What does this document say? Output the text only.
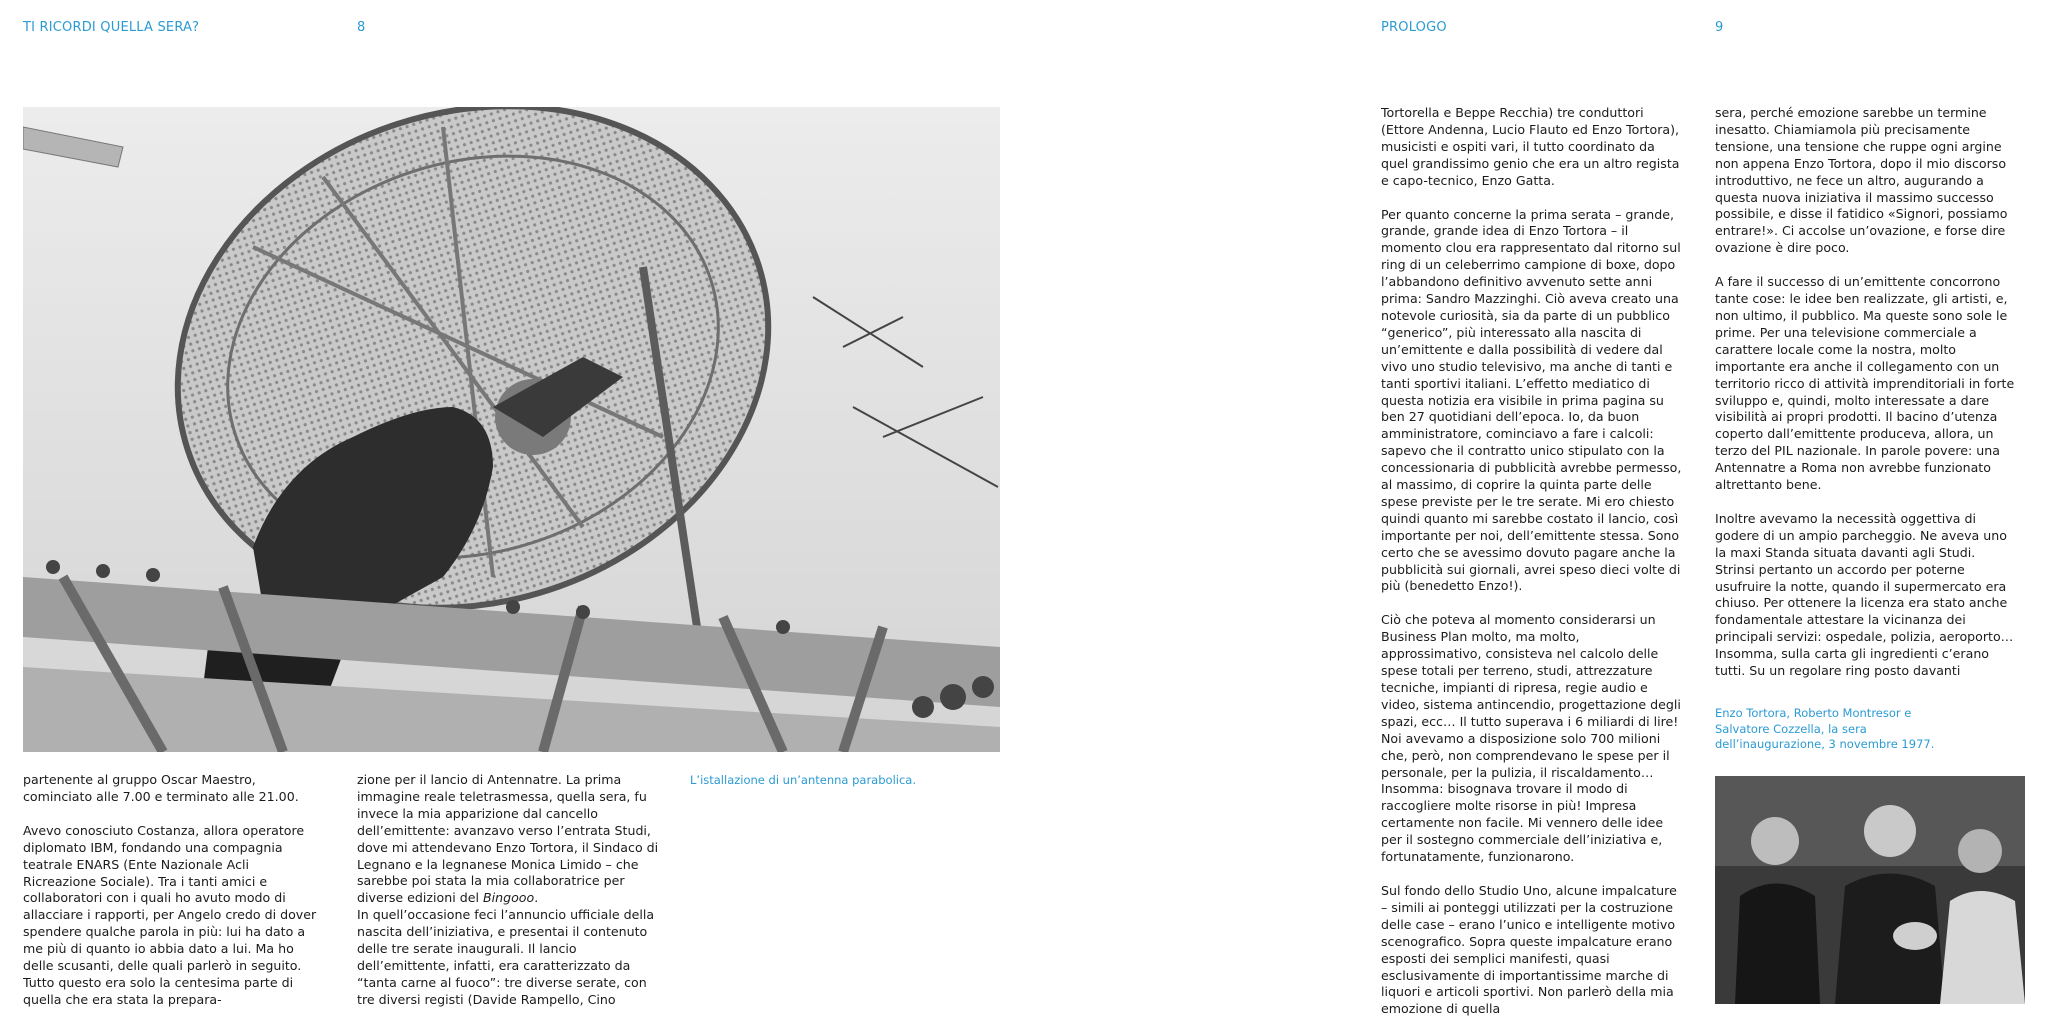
TI RICORDI QUELLA SERA?	8

partenente al gruppo Oscar Maestro, cominciato alle 7.00 e terminato alle 21.00.

Avevo conosciuto Costanza, allora operatore diplomato IBM, fondando una compagnia teatrale ENARS (Ente Nazionale Acli Ricreazione Sociale). Tra i tanti amici e collaboratori con i quali ho avuto modo di allacciare i rapporti, per Angelo credo di dover spendere qualche parola in più: lui ha dato a me più di quanto io abbia dato a lui. Ma ho delle scusanti, delle quali parlerò in seguito. Tutto questo era solo la centesima parte di quella che era stata la prepara-

zione per il lancio di Antennatre. La prima immagine reale teletrasmessa, quella sera, fu invece la mia apparizione dal cancello dell’emittente: avanzavo verso l’entrata Studi, dove mi attendevano Enzo Tortora, il Sindaco di Legnano e la legnanese Monica Limido – che sarebbe poi stata la mia collaboratrice per diverse edizioni del Bingooo.

In quell’occasione feci l’annuncio ufficiale della nascita dell’iniziativa, e presentai il contenuto delle tre serate inaugurali. Il lancio dell’emittente, infatti, era caratterizzato da “tanta carne al fuoco”: tre diverse serate, con tre diversi registi (Davide Rampello, Cino

L’istallazione di un’antenna parabolica.
PROLOGO	9

Tortorella e Beppe Recchia) tre conduttori (Ettore Andenna, Lucio Flauto ed Enzo Tortora), musicisti e ospiti vari, il tutto coordinato da quel grandissimo genio che era un altro regista e capo-tecnico, Enzo Gatta.

Per quanto concerne la prima serata – grande, grande, grande idea di Enzo Tortora – il momento clou era rappresentato dal ritorno sul ring di un celeberrimo campione di boxe, dopo l’abbandono definitivo avvenuto sette anni prima: Sandro Mazzinghi. Ciò aveva creato una notevole curiosità, sia da parte di un pubblico “generico”, più interessato alla nascita di un’emittente e dalla possibilità di vedere dal vivo uno studio televisivo, ma anche di tanti e tanti sportivi italiani. L’effetto mediatico di questa notizia era visibile in prima pagina su ben 27 quotidiani dell’epoca. Io, da buon amministratore, cominciavo a fare i calcoli: sapevo che il contratto unico stipulato con la concessionaria di pubblicità avrebbe permesso, al massimo, di coprire la quinta parte delle spese previste per le tre serate. Mi ero chiesto quindi quanto mi sarebbe costato il lancio, così importante per noi, dell’emittente stessa. Sono certo che se avessimo dovuto pagare anche la pubblicità sui giornali, avrei speso dieci volte di più (benedetto Enzo!).

Ciò che poteva al momento considerarsi un Business Plan molto, ma molto, approssimativo, consisteva nel calcolo delle spese totali per terreno, studi, attrezzature tecniche, impianti di ripresa, regie audio e video, sistema antincendio, progettazione degli spazi, ecc… Il tutto superava i 6 miliardi di lire! Noi avevamo a disposizione solo 700 milioni che, però, non comprendevano le spese per il personale, per la pulizia, il riscaldamento… Insomma: bisognava trovare il modo di raccogliere molte risorse in più! Impresa certamente non facile. Mi vennero delle idee per il sostegno commerciale dell’iniziativa e, fortunatamente, funzionarono.

Sul fondo dello Studio Uno, alcune impalcature – simili ai ponteggi utilizzati per la costruzione delle case – erano l’unico e intelligente motivo scenografico. Sopra queste impalcature erano esposti dei semplici manifesti, quasi esclusivamente di importantissime marche di liquori e articoli sportivi. Non parlerò della mia emozione di quella

sera, perché emozione sarebbe un termine inesatto. Chiamiamola più precisamente tensione, una tensione che ruppe ogni argine non appena Enzo Tortora, dopo il mio discorso introduttivo, ne fece un altro, augurando a questa nuova iniziativa il massimo successo possibile, e disse il fatidico «Signori, possiamo entrare!». Ci accolse un’ovazione, e forse dire ovazione è dire poco.

A fare il successo di un’emittente concorrono tante cose: le idee ben realizzate, gli artisti, e, non ultimo, il pubblico. Ma queste sono sole le prime. Per una televisione commerciale a carattere locale come la nostra, molto importante era anche il collegamento con un territorio ricco di attività imprenditoriali in forte sviluppo e, quindi, molto interessate a dare visibilità ai propri prodotti. Il bacino d’utenza coperto dall’emittente produceva, allora, un terzo del PIL nazionale. In parole povere: una Antennatre a Roma non avrebbe funzionato altrettanto bene.

Inoltre avevamo la necessità oggettiva di godere di un ampio parcheggio. Ne aveva uno la maxi Standa situata davanti agli Studi. Strinsi pertanto un accordo per poterne usufruire la notte, quando il supermercato era chiuso. Per ottenere la licenza era stato anche fondamentale attestare la vicinanza dei principali servizi: ospedale, polizia, aeroporto… Insomma, sulla carta gli ingredienti c’erano tutti. Su un regolare ring posto davanti

Enzo Tortora, Roberto Montresor e Salvatore Cozzella, la sera dell’inaugurazione, 3 novembre 1977.
